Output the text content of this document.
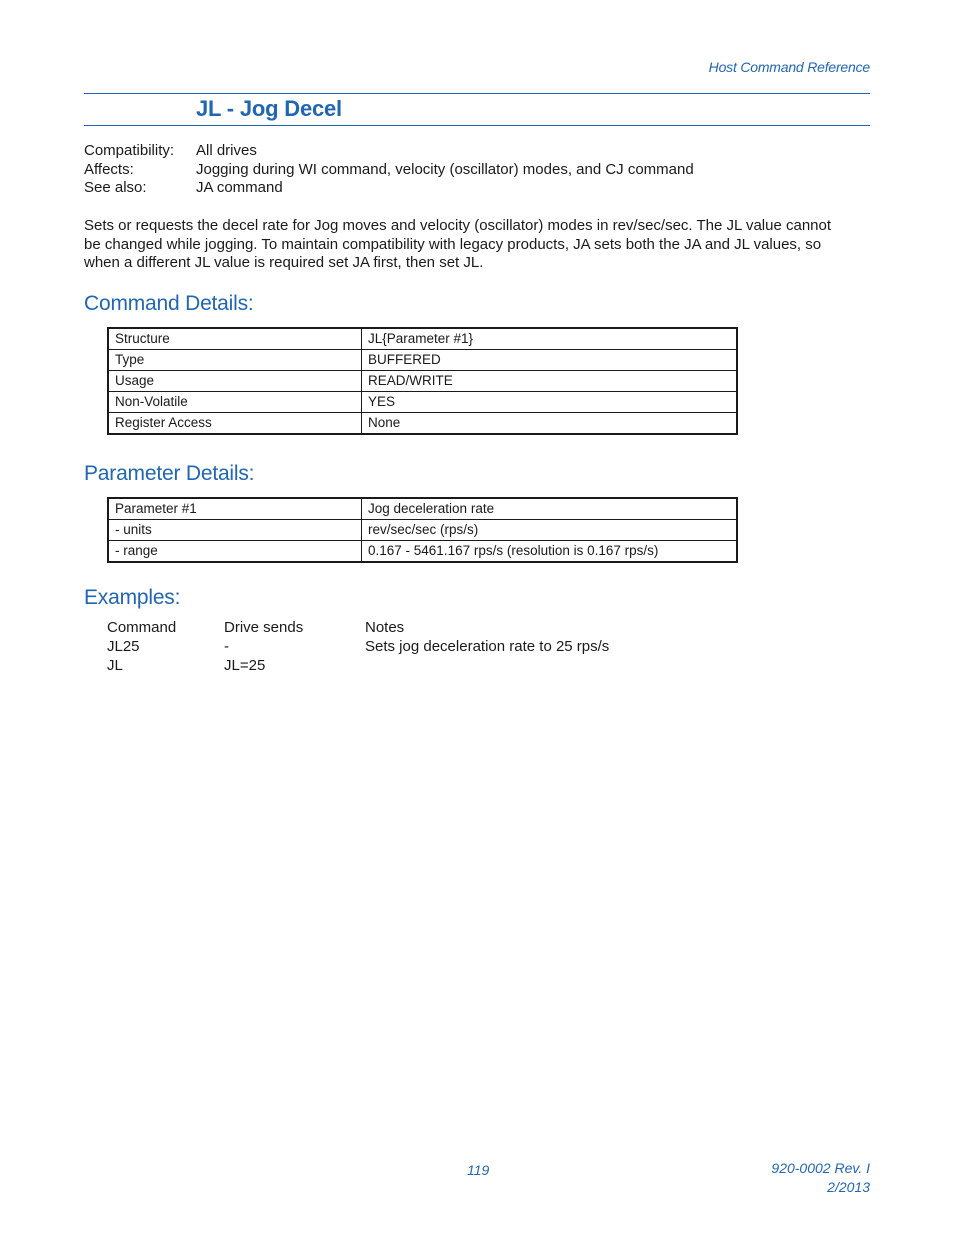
Host Command Reference
JL - Jog Decel
Compatibility:	All drives
Affects:	Jogging during WI command, velocity (oscillator) modes, and CJ command
See also:	JA command
Sets or requests the decel rate for Jog moves and velocity (oscillator) modes in rev/sec/sec. The JL value cannot
be changed while jogging. To maintain compatibility with legacy products, JA sets both the JA and JL values, so
when a different JL value is required set JA first, then set JL.
Command Details:
Structure	JL{Parameter #1}
Type	BUFFERED
Usage	READ/WRITE
Non-Volatile	YES
Register Access	None
Parameter Details:
Parameter #1	Jog deceleration rate
- units	rev/sec/sec (rps/s)
- range	0.167 - 5461.167 rps/s (resolution is 0.167 rps/s)
Examples:
Command	Drive sends	Notes
JL25	-	Sets jog deceleration rate to 25 rps/s
JL	JL=25
119	920-0002 Rev. I
2/2013
